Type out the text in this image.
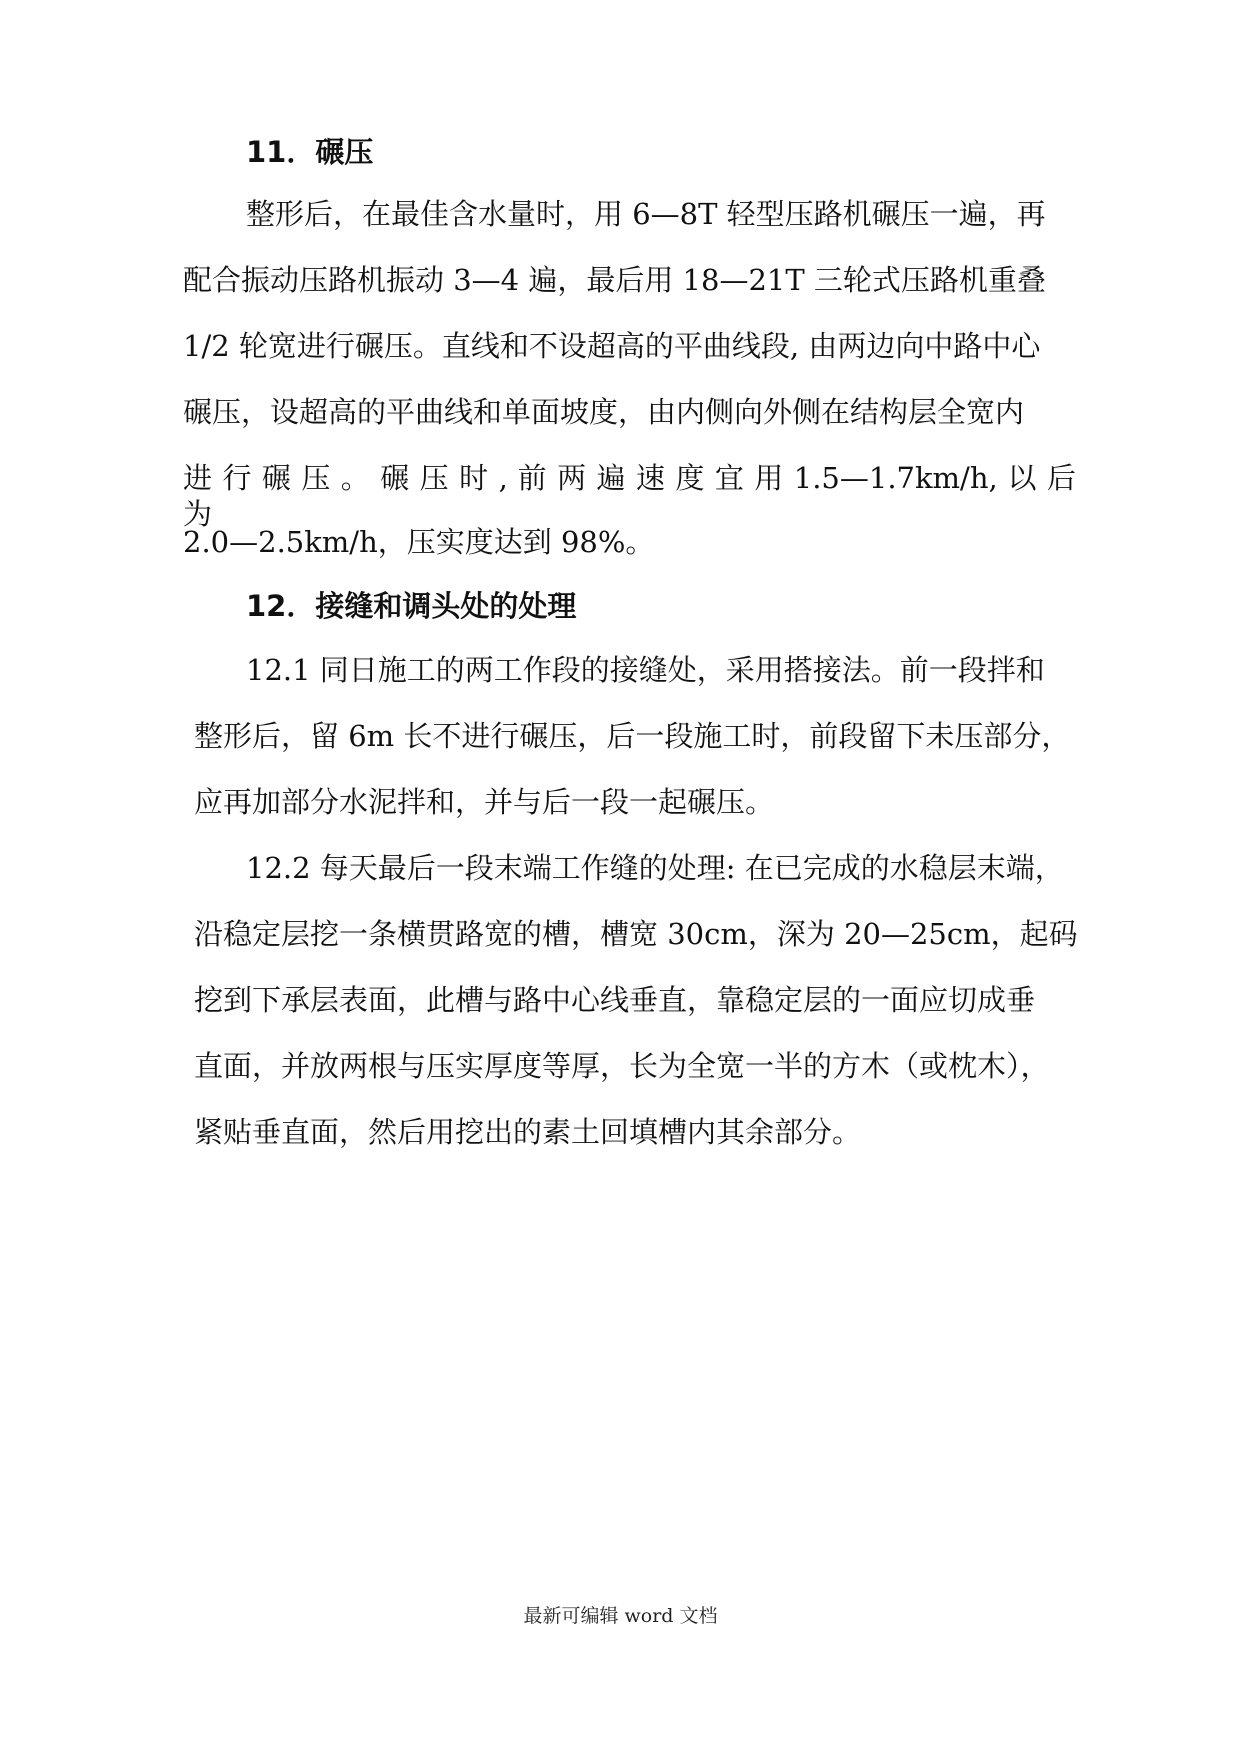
11．碾压
整形后，在最佳含水量时，用 6—8T 轻型压路机碾压一遍，再
配合振动压路机振动 3—4 遍，最后用 18—21T 三轮式压路机重叠
1/2 轮宽进行碾压。直线和不设超高的平曲线段, 由两边向中路中心
碾压，设超高的平曲线和单面坡度，由内侧向外侧在结构层全宽内
进 行 碾 压 。 碾 压 时 , 前 两 遍 速 度 宜 用 1.5—1.7km/h, 以 后 为
2.0—2.5km/h，压实度达到 98%。
12．接缝和调头处的处理
12.1 同日施工的两工作段的接缝处，采用搭接法。前一段拌和
整形后，留 6m 长不进行碾压，后一段施工时，前段留下未压部分，
应再加部分水泥拌和，并与后一段一起碾压。
12.2 每天最后一段末端工作缝的处理: 在已完成的水稳层末端，
沿稳定层挖一条横贯路宽的槽，槽宽 30cm，深为 20—25cm，起码
挖到下承层表面，此槽与路中心线垂直，靠稳定层的一面应切成垂
直面，并放两根与压实厚度等厚，长为全宽一半的方木（或枕木），
紧贴垂直面，然后用挖出的素土回填槽内其余部分。
最新可编辑 word 文档
